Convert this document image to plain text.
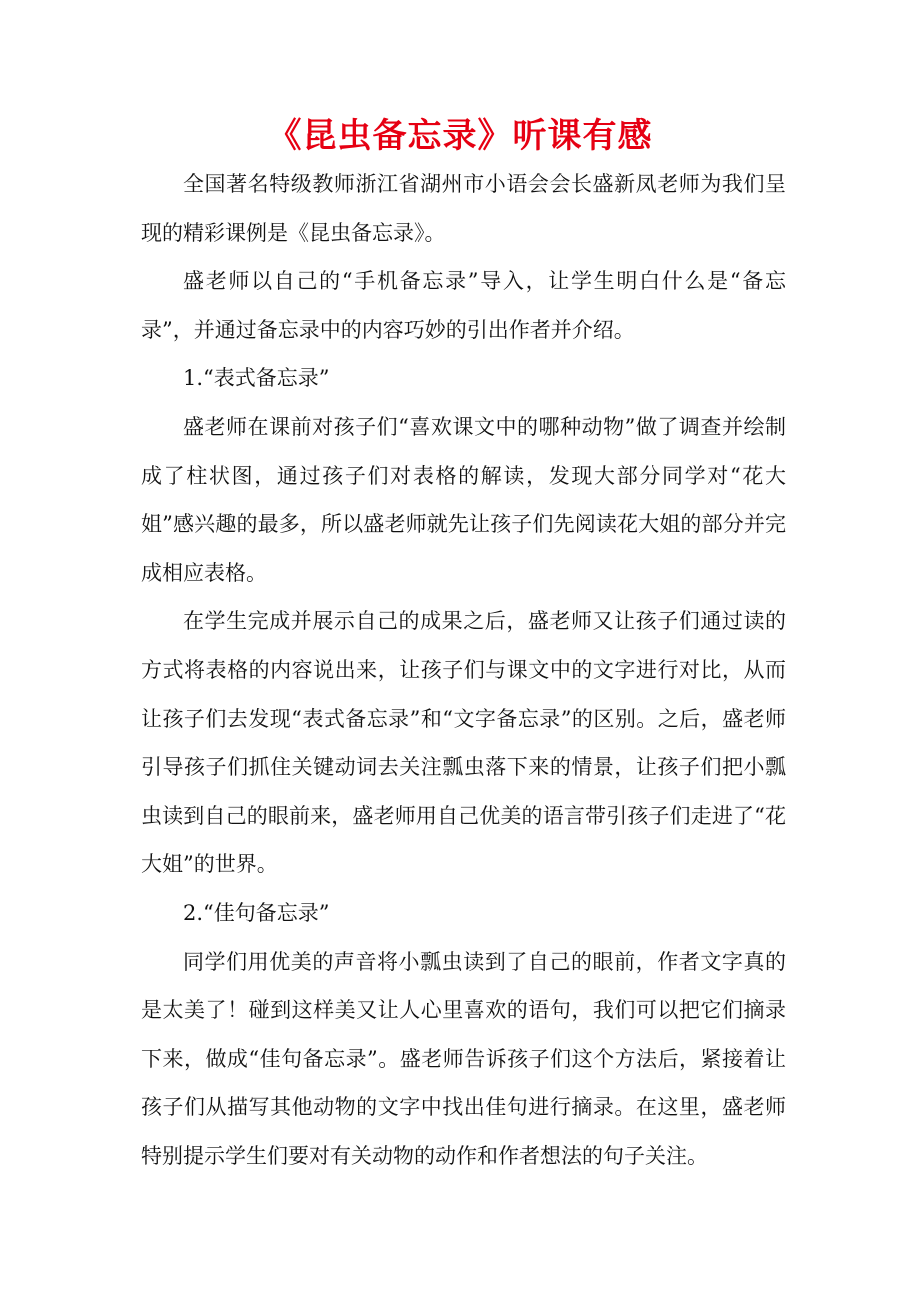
《昆虫备忘录》听课有感

全国著名特级教师浙江省湖州市小语会会长盛新凤老师为我们呈现的精彩课例是《昆虫备忘录》。

盛老师以自己的“手机备忘录”导入，让学生明白什么是“备忘录”，并通过备忘录中的内容巧妙的引出作者并介绍。

1.“表式备忘录”

盛老师在课前对孩子们“喜欢课文中的哪种动物”做了调查并绘制成了柱状图，通过孩子们对表格的解读，发现大部分同学对“花大姐”感兴趣的最多，所以盛老师就先让孩子们先阅读花大姐的部分并完成相应表格。

在学生完成并展示自己的成果之后，盛老师又让孩子们通过读的方式将表格的内容说出来，让孩子们与课文中的文字进行对比，从而让孩子们去发现“表式备忘录”和“文字备忘录”的区别。之后，盛老师引导孩子们抓住关键动词去关注瓢虫落下来的情景，让孩子们把小瓢虫读到自己的眼前来，盛老师用自己优美的语言带引孩子们走进了“花大姐”的世界。

2.“佳句备忘录”

同学们用优美的声音将小瓢虫读到了自己的眼前，作者文字真的是太美了！碰到这样美又让人心里喜欢的语句，我们可以把它们摘录下来，做成“佳句备忘录”。盛老师告诉孩子们这个方法后，紧接着让孩子们从描写其他动物的文字中找出佳句进行摘录。在这里，盛老师特别提示学生们要对有关动物的动作和作者想法的句子关注。
